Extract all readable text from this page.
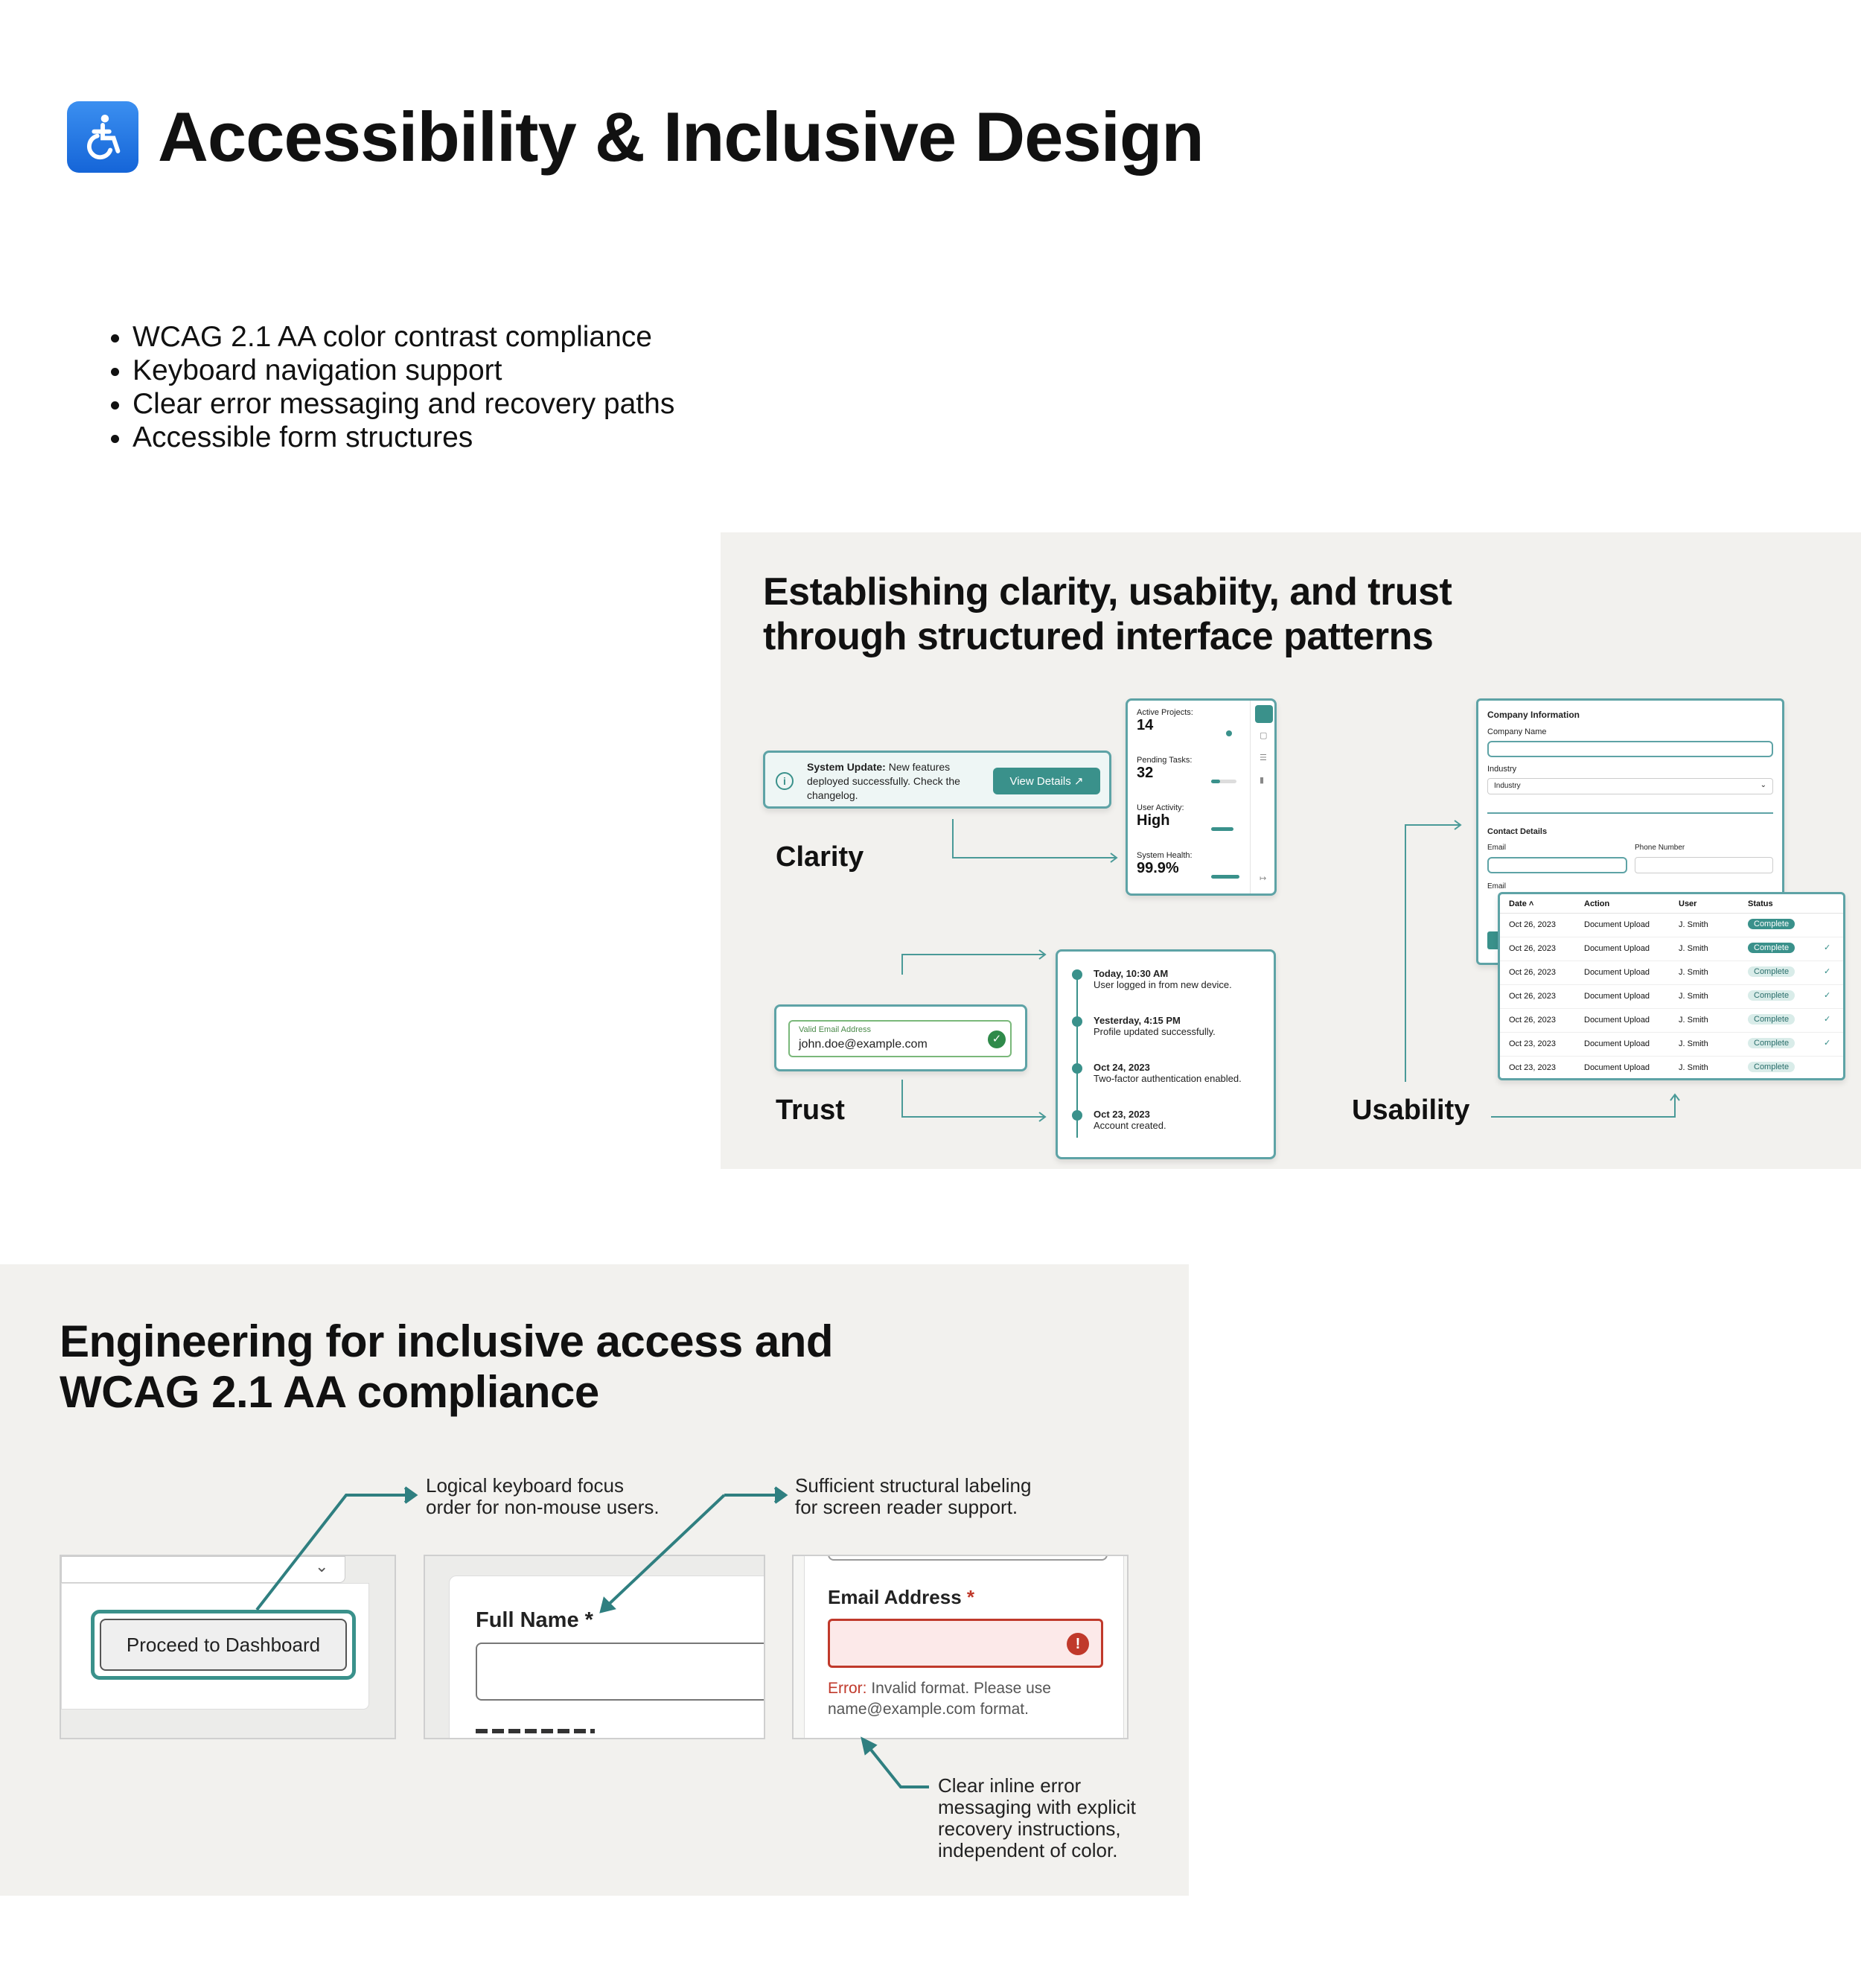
Accessibility & Inclusive Design
• WCAG 2.1 AA color contrast compliance
• Keyboard navigation support
• Clear error messaging and recovery paths
• Accessible form structures
Establishing clarity, usabiity, and trust
through structured interface patterns
i
System Update: New features deployed successfully. Check the changelog.
View Details ↗
Clarity
▢
☰
▮
↦
Active Projects:
14
Pending Tasks:
32
User Activity:
High
System Health:
99.9%
Valid Email Address
john.doe@example.com	✓
Trust
Today, 10:30 AM
User logged in from new device.
Yesterday, 4:15 PM
Profile updated successfully.
Oct 24, 2023
Two-factor authentication enabled.
Oct 23, 2023
Account created.
Company Information
Company Name
Industry
Industry	⌄
Contact Details
Email	Phone Number
Email
Date ˄	Action	User	Status
Oct 26, 2023	Document Upload	J. Smith	Complete
Oct 26, 2023	Document Upload	J. Smith	Complete	✓
Oct 26, 2023	Document Upload	J. Smith	Complete	✓
Oct 26, 2023	Document Upload	J. Smith	Complete	✓
Oct 26, 2023	Document Upload	J. Smith	Complete	✓
Oct 23, 2023	Document Upload	J. Smith	Complete	✓
Oct 23, 2023	Document Upload	J. Smith	Complete
Usability
Engineering for inclusive access and
WCAG 2.1 AA compliance
⌄
Proceed to Dashboard
Full Name *
Email Address *
!
Error: Invalid format. Please use
name@example.com format.
Logical keyboard focus
order for non-mouse users.
Sufficient structural labeling
for screen reader support.
Clear inline error
messaging with explicit
recovery instructions,
independent of color.
